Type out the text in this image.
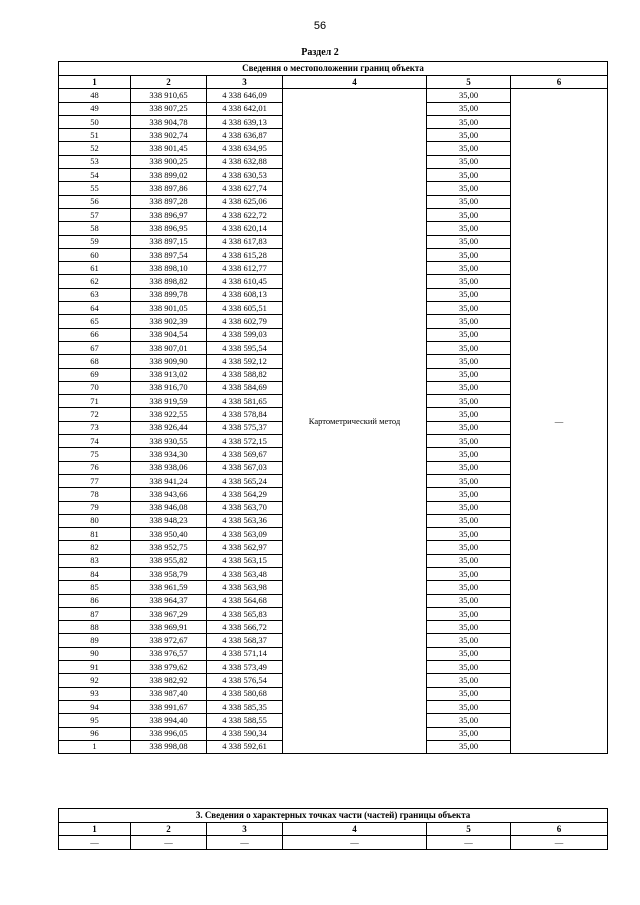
56
Раздел 2
Сведения о местоположении границ объекта					
1	2	3	4	5	6
48	338 910,65	4 338 646,09	Картометрический метод	35,00	—
49	338 907,25	4 338 642,01		35,00	
50	338 904,78	4 338 639,13		35,00	
51	338 902,74	4 338 636,87		35,00	
52	338 901,45	4 338 634,95		35,00	
53	338 900,25	4 338 632,88		35,00	
54	338 899,02	4 338 630,53		35,00	
55	338 897,86	4 338 627,74		35,00	
56	338 897,28	4 338 625,06		35,00	
57	338 896,97	4 338 622,72		35,00	
58	338 896,95	4 338 620,14		35,00	
59	338 897,15	4 338 617,83		35,00	
60	338 897,54	4 338 615,28		35,00	
61	338 898,10	4 338 612,77		35,00	
62	338 898,82	4 338 610,45		35,00	
63	338 899,78	4 338 608,13		35,00	
64	338 901,05	4 338 605,51		35,00	
65	338 902,39	4 338 602,79		35,00	
66	338 904,54	4 338 599,03		35,00	
67	338 907,01	4 338 595,54		35,00	
68	338 909,90	4 338 592,12		35,00	
69	338 913,02	4 338 588,82		35,00	
70	338 916,70	4 338 584,69		35,00	
71	338 919,59	4 338 581,65		35,00	
72	338 922,55	4 338 578,84		35,00	
73	338 926,44	4 338 575,37		35,00	
74	338 930,55	4 338 572,15		35,00	
75	338 934,30	4 338 569,67		35,00	
76	338 938,06	4 338 567,03		35,00	
77	338 941,24	4 338 565,24		35,00	
78	338 943,66	4 338 564,29		35,00	
79	338 946,08	4 338 563,70		35,00	
80	338 948,23	4 338 563,36		35,00	
81	338 950,40	4 338 563,09		35,00	
82	338 952,75	4 338 562,97		35,00	
83	338 955,82	4 338 563,15		35,00	
84	338 958,79	4 338 563,48		35,00	
85	338 961,59	4 338 563,98		35,00	
86	338 964,37	4 338 564,68		35,00	
87	338 967,29	4 338 565,83		35,00	
88	338 969,91	4 338 566,72		35,00	
89	338 972,67	4 338 568,37		35,00	
90	338 976,57	4 338 571,14		35,00	
91	338 979,62	4 338 573,49		35,00	
92	338 982,92	4 338 576,54		35,00	
93	338 987,40	4 338 580,68		35,00	
94	338 991,67	4 338 585,35		35,00	
95	338 994,40	4 338 588,55		35,00	
96	338 996,05	4 338 590,34		35,00	
1	338 998,08	4 338 592,61		35,00	
3. Сведения о характерных точках части (частей) границы объекта					
1	2	3	4	5	6
—	—	—	—	—	—
